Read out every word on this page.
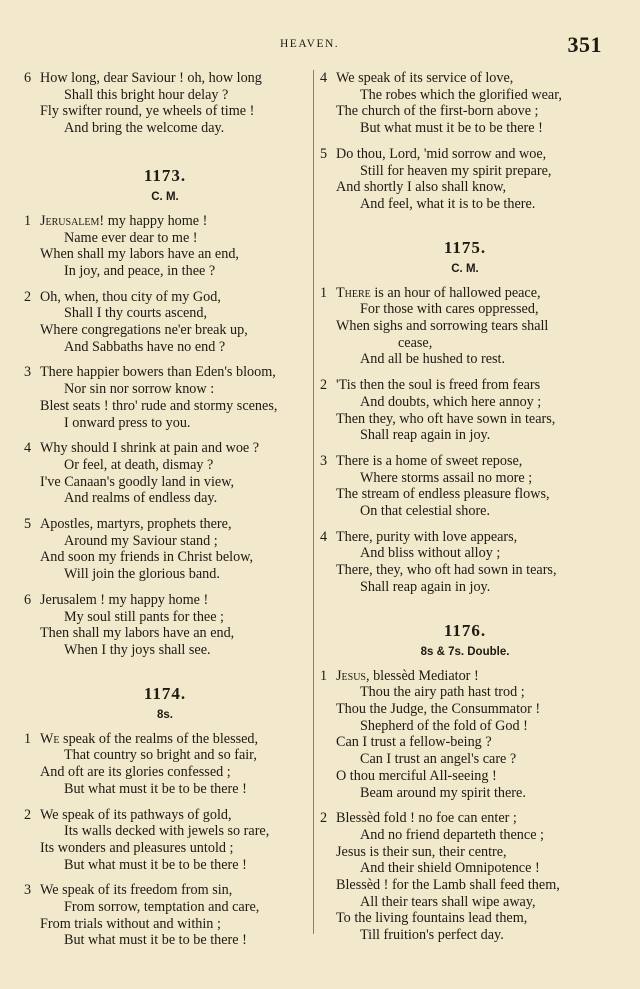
HEAVEN.	351
6 How long, dear Saviour ! oh, how long
Shall this bright hour delay ?
Fly swifter round, ye wheels of time !
And bring the welcome day.
1173.
C. M.
1 Jerusalem! my happy home !
Name ever dear to me !
When shall my labors have an end,
In joy, and peace, in thee ?
2 Oh, when, thou city of my God,
Shall I thy courts ascend,
Where congregations ne'er break up,
And Sabbaths have no end ?
3 There happier bowers than Eden's bloom,
Nor sin nor sorrow know :
Blest seats ! thro' rude and stormy scenes,
I onward press to you.
4 Why should I shrink at pain and woe ?
Or feel, at death, dismay ?
I've Canaan's goodly land in view,
And realms of endless day.
5 Apostles, martyrs, prophets there,
Around my Saviour stand ;
And soon my friends in Christ below,
Will join the glorious band.
6 Jerusalem ! my happy home !
My soul still pants for thee ;
Then shall my labors have an end,
When I thy joys shall see.
1174.
8s.
1 We speak of the realms of the blessed,
That country so bright and so fair,
And oft are its glories confessed ;
But what must it be to be there !
2 We speak of its pathways of gold,
Its walls decked with jewels so rare,
Its wonders and pleasures untold ;
But what must it be to be there !
3 We speak of its freedom from sin,
From sorrow, temptation and care,
From trials without and within ;
But what must it be to be there !
4 We speak of its service of love,
The robes which the glorified wear,
The church of the first-born above ;
But what must it be to be there !
5 Do thou, Lord, 'mid sorrow and woe,
Still for heaven my spirit prepare,
And shortly I also shall know,
And feel, what it is to be there.
1175.
C. M.
1 There is an hour of hallowed peace,
For those with cares oppressed,
When sighs and sorrowing tears shall
cease,
And all be hushed to rest.
2 'Tis then the soul is freed from fears
And doubts, which here annoy ;
Then they, who oft have sown in tears,
Shall reap again in joy.
3 There is a home of sweet repose,
Where storms assail no more ;
The stream of endless pleasure flows,
On that celestial shore.
4 There, purity with love appears,
And bliss without alloy ;
There, they, who oft had sown in tears,
Shall reap again in joy.
1176.
8s & 7s. Double.
1 Jesus, blessèd Mediator !
Thou the airy path hast trod ;
Thou the Judge, the Consummator !
Shepherd of the fold of God !
Can I trust a fellow-being ?
Can I trust an angel's care ?
O thou merciful All-seeing !
Beam around my spirit there.
2 Blessèd fold ! no foe can enter ;
And no friend departeth thence ;
Jesus is their sun, their centre,
And their shield Omnipotence !
Blessèd ! for the Lamb shall feed them,
All their tears shall wipe away,
To the living fountains lead them,
Till fruition's perfect day.
